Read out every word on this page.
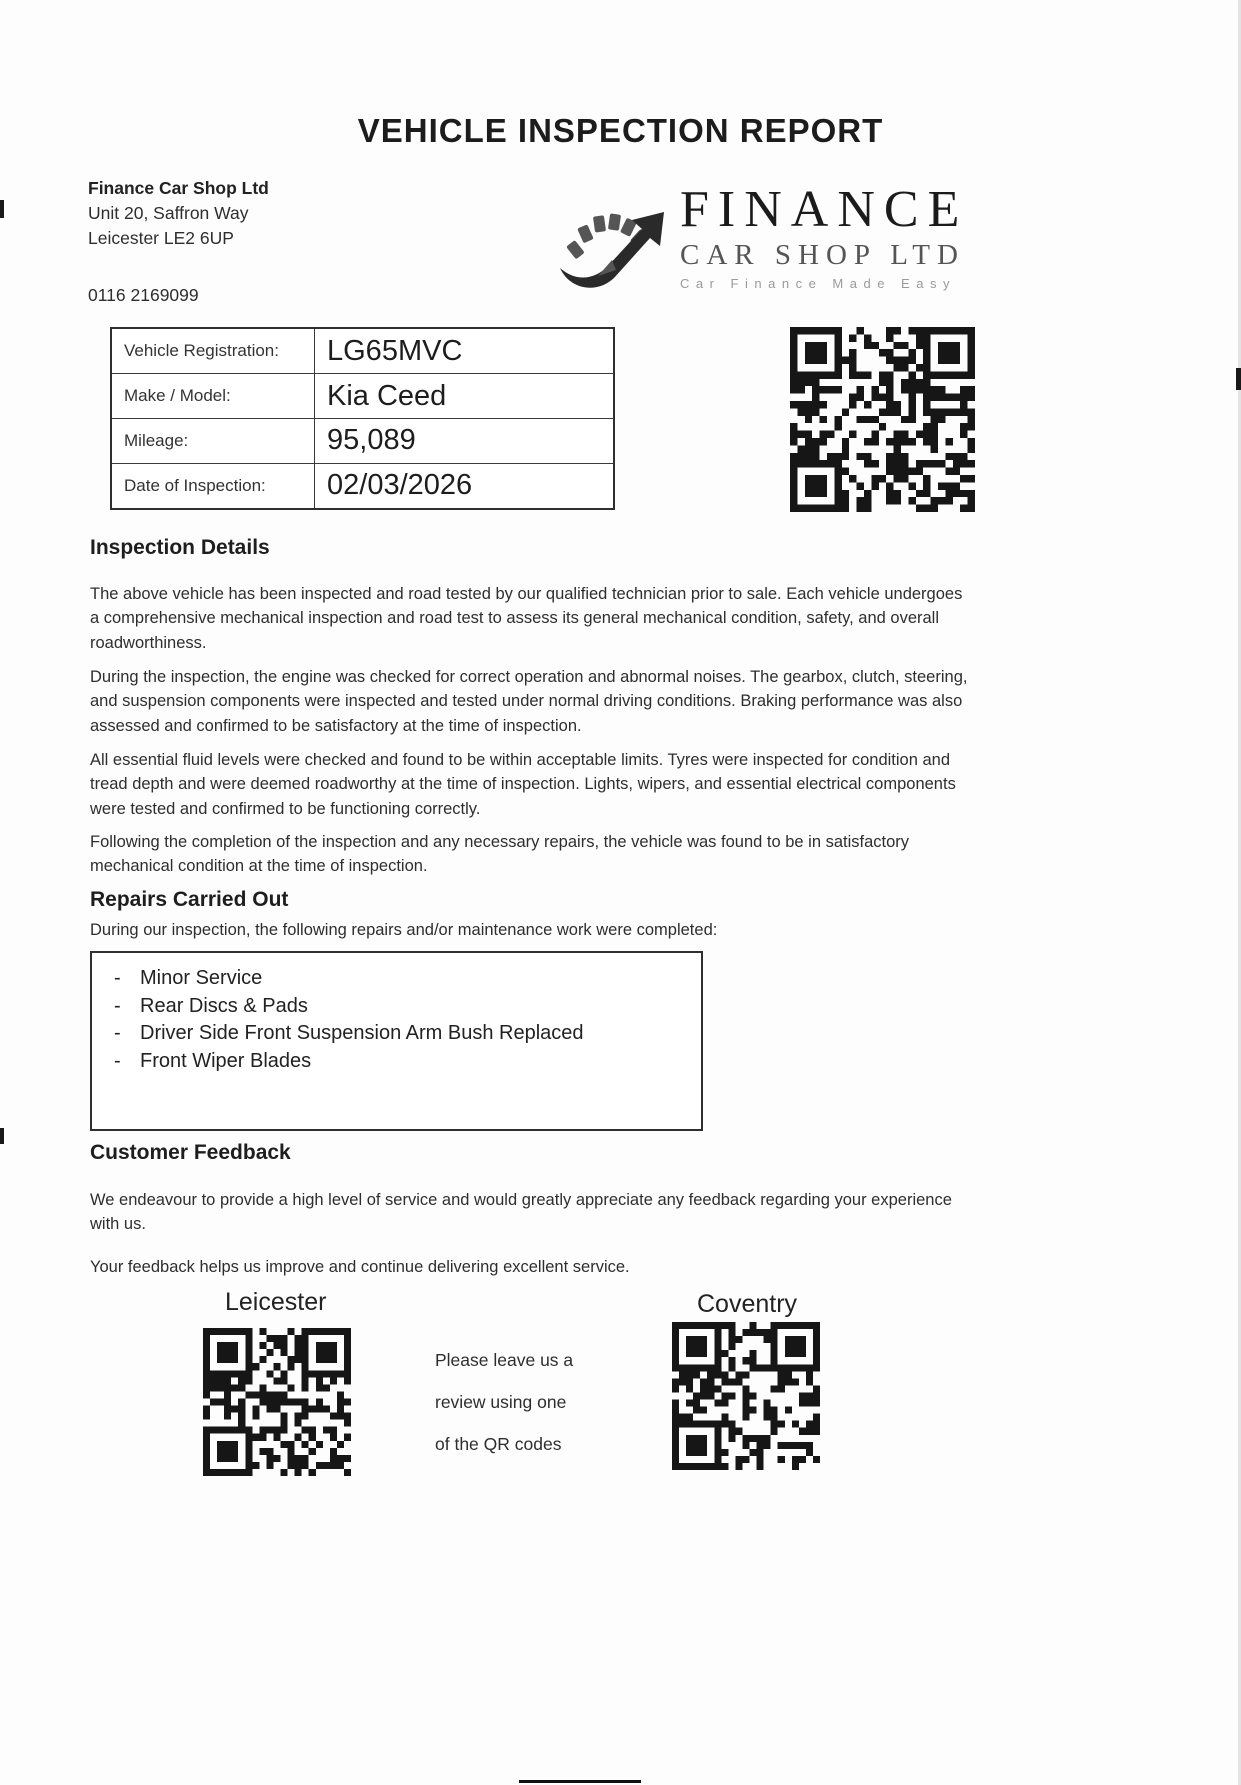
VEHICLE INSPECTION REPORT
Finance Car Shop Ltd
Unit 20, Saffron Way
Leicester LE2 6UP
0116 2169099
FINANCE
CAR SHOP LTD
Car Finance Made Easy
Vehicle Registration:	LG65MVC
Make / Model:	Kia Ceed
Mileage:	95,089
Date of Inspection:	02/03/2026
Inspection Details

The above vehicle has been inspected and road tested by our qualified technician prior to sale. Each vehicle undergoes a comprehensive mechanical inspection and road test to assess its general mechanical condition, safety, and overall roadworthiness.

During the inspection, the engine was checked for correct operation and abnormal noises. The gearbox, clutch, steering, and suspension components were inspected and tested under normal driving conditions. Braking performance was also assessed and confirmed to be satisfactory at the time of inspection.

All essential fluid levels were checked and found to be within acceptable limits. Tyres were inspected for condition and tread depth and were deemed roadworthy at the time of inspection. Lights, wipers, and essential electrical components were tested and confirmed to be functioning correctly.

Following the completion of the inspection and any necessary repairs, the vehicle was found to be in satisfactory mechanical condition at the time of inspection.

Repairs Carried Out
During our inspection, the following repairs and/or maintenance work were completed:
- Minor Service
- Rear Discs & Pads
- Driver Side Front Suspension Arm Bush Replaced
- Front Wiper Blades
Customer Feedback

We endeavour to provide a high level of service and would greatly appreciate any feedback regarding your experience with us.

Your feedback helps us improve and continue delivering excellent service.

Leicester	Coventry
Please leave us a
review using one
of the QR codes
